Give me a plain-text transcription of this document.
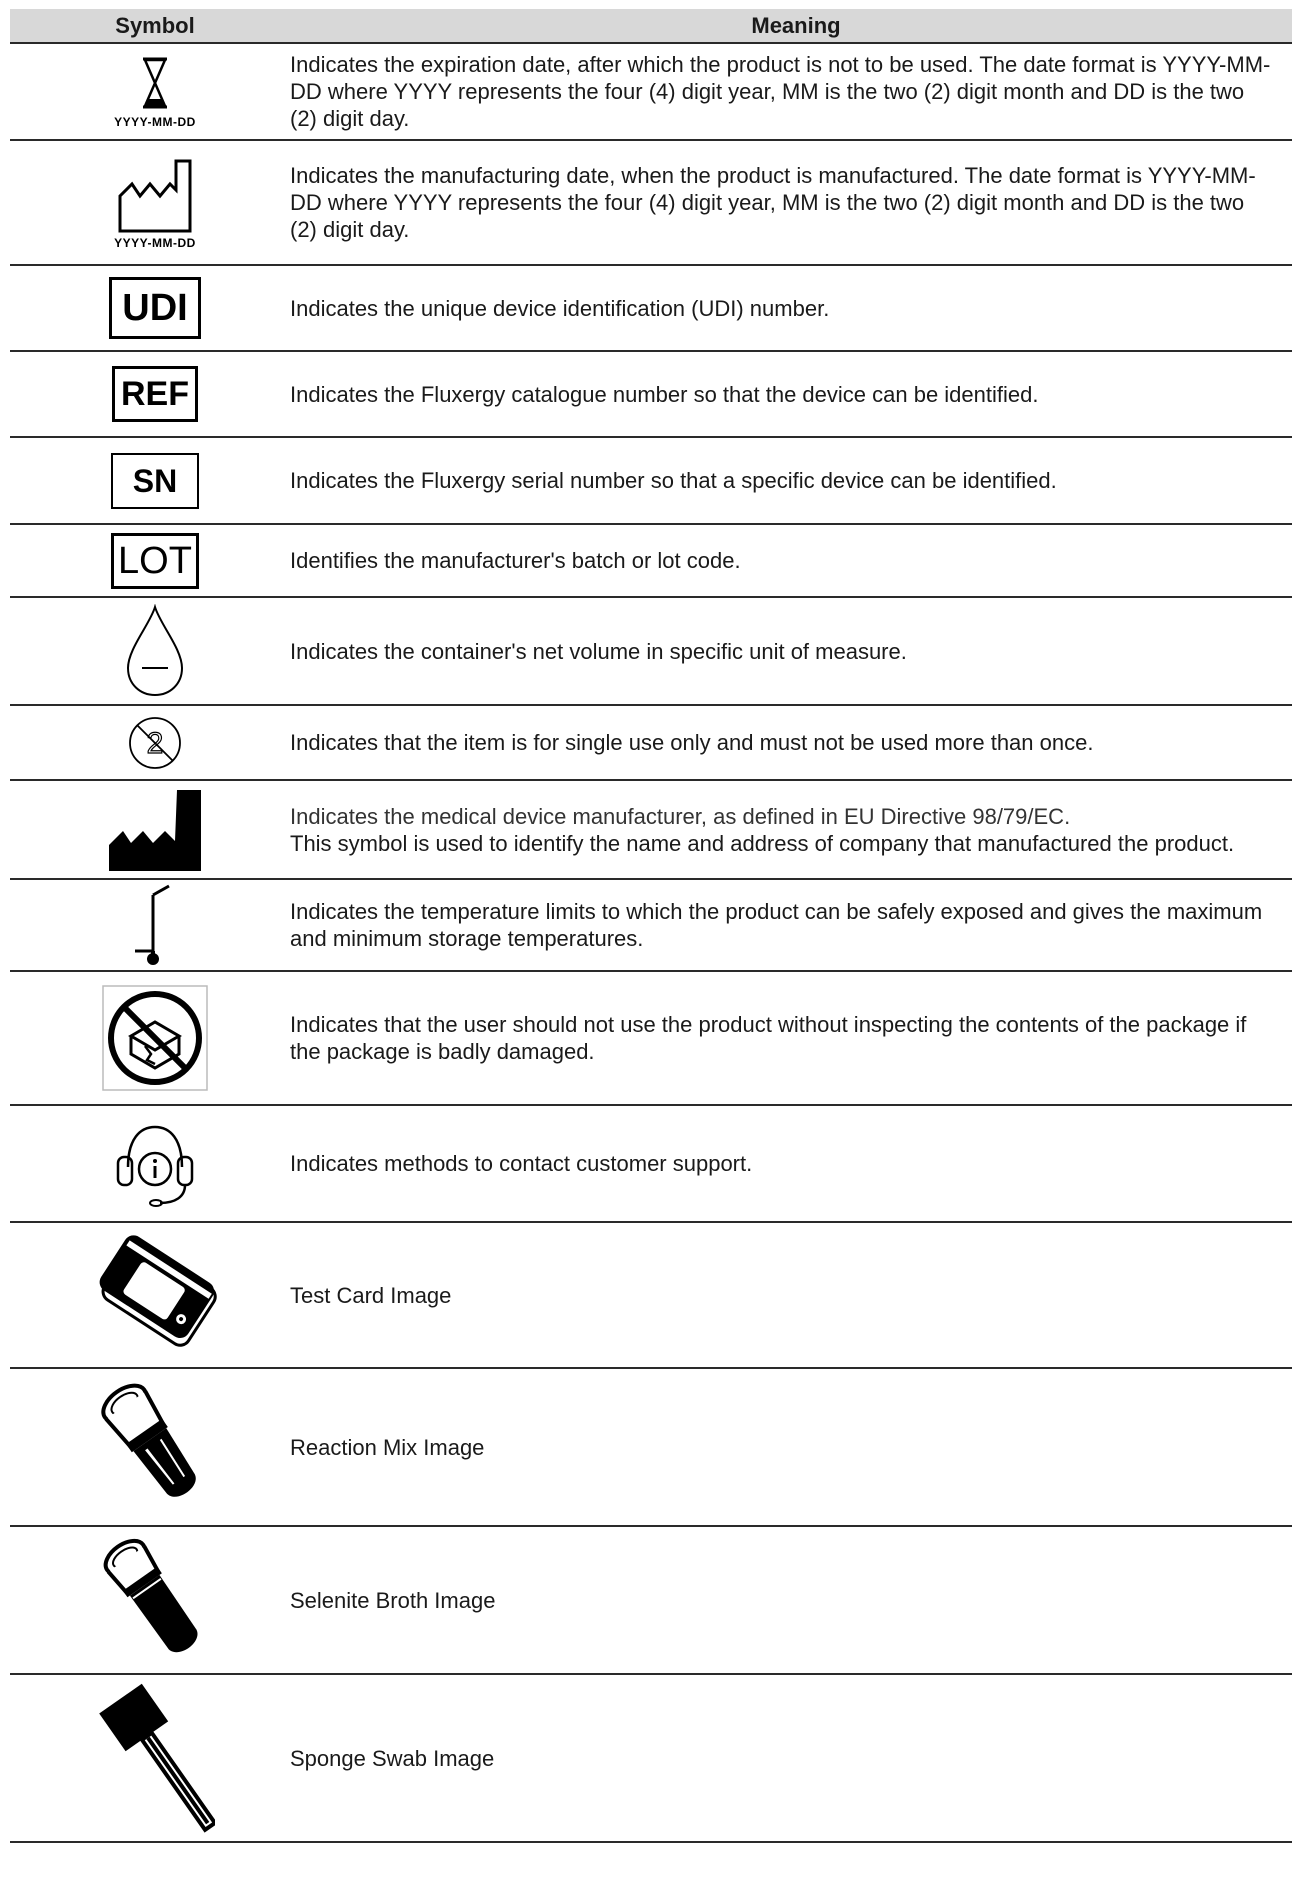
Symbol	Meaning

YYYY-MM-DD	Indicates the expiration date, after which the product is not to be used. The date format is YYYY-MM-DD where YYYY represents the four (4) digit year, MM is the two (2) digit month and DD is the two (2) digit day.

YYYY-MM-DD	Indicates the manufacturing date, when the product is manufactured. The date format is YYYY-MM-DD where YYYY represents the four (4) digit year, MM is the two (2) digit month and DD is the two (2) digit day.

UDI	Indicates the unique device identification (UDI) number.

REF	Indicates the Fluxergy catalogue number so that the device can be identified.

SN	Indicates the Fluxergy serial number so that a specific device can be identified.

LOT	Identifies the manufacturer's batch or lot code.

Indicates the container's net volume in specific unit of measure.

2	Indicates that the item is for single use only and must not be used more than once.

Indicates the medical device manufacturer, as defined in EU Directive 98/79/EC.
This symbol is used to identify the name and address of company that manufactured the product.

Indicates the temperature limits to which the product can be safely exposed and gives the maximum and minimum storage temperatures.

Indicates that the user should not use the product without inspecting the contents of the package if the package is badly damaged.

Indicates methods to contact customer support.

Test Card Image

Reaction Mix Image

Selenite Broth Image

Sponge Swab Image
